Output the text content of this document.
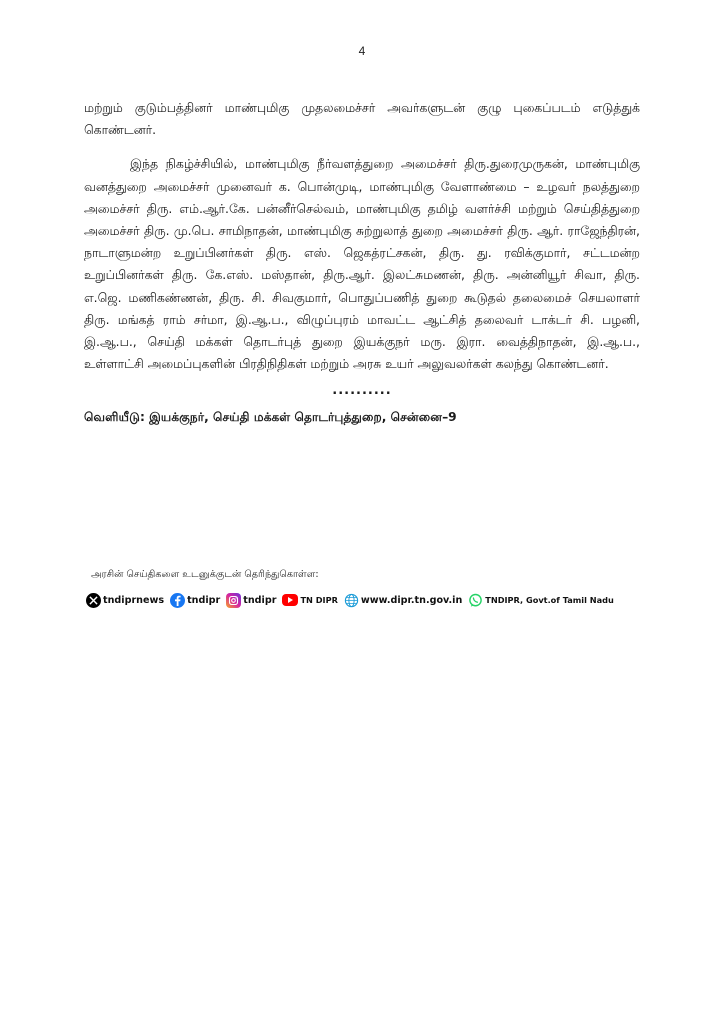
4

மற்றும் குடும்பத்தினர் மாண்புமிகு முதலமைச்சர் அவர்களுடன் குழு புகைப்படம் எடுத்துக் கொண்டனர்.

இந்த நிகழ்ச்சியில், மாண்புமிகு நீர்வளத்துறை அமைச்சர் திரு.துரைமுருகன், மாண்புமிகு வனத்துறை அமைச்சர் முனைவர் க. பொன்முடி, மாண்புமிகு வேளாண்மை – உழவர் நலத்துறை அமைச்சர் திரு. எம்.ஆர்.கே. பன்னீர்செல்வம், மாண்புமிகு தமிழ் வளர்ச்சி மற்றும் செய்தித்துறை அமைச்சர் திரு. மு.பெ. சாமிநாதன், மாண்புமிகு சுற்றுலாத் துறை அமைச்சர் திரு. ஆர். ராஜேந்திரன், நாடாளுமன்ற உறுப்பினர்கள் திரு. எஸ். ஜெகத்ரட்சகன், திரு. து. ரவிக்குமார், சட்டமன்ற உறுப்பினர்கள் திரு. கே.எஸ். மஸ்தான், திரு.ஆர். இலட்சுமணன், திரு. அன்னியூர் சிவா, திரு. எ.ஜெ. மணிகண்ணன், திரு. சி. சிவகுமார், பொதுப்பணித் துறை கூடுதல் தலைமைச் செயலாளர் திரு. மங்கத் ராம் சர்மா, இ.ஆ.ப., விழுப்புரம் மாவட்ட ஆட்சித் தலைவர் டாக்டர் சி. பழனி, இ.ஆ.ப., செய்தி மக்கள் தொடர்புத் துறை இயக்குநர் மரு. இரா. வைத்திநாதன், இ.ஆ.ப., உள்ளாட்சி அமைப்புகளின் பிரதிநிதிகள் மற்றும் அரசு உயர் அலுவலர்கள் கலந்து கொண்டனர்.

..........
வெளியீடு: இயக்குநர், செய்தி மக்கள் தொடர்புத்துறை, சென்னை–9
அரசின் செய்திகளை உடனுக்குடன் தெரிந்துகொள்ள:
tndiprnews tndipr tndipr	TN DIPR www.dipr.tn.gov.in	TNDIPR, Govt.of Tamil Nadu
